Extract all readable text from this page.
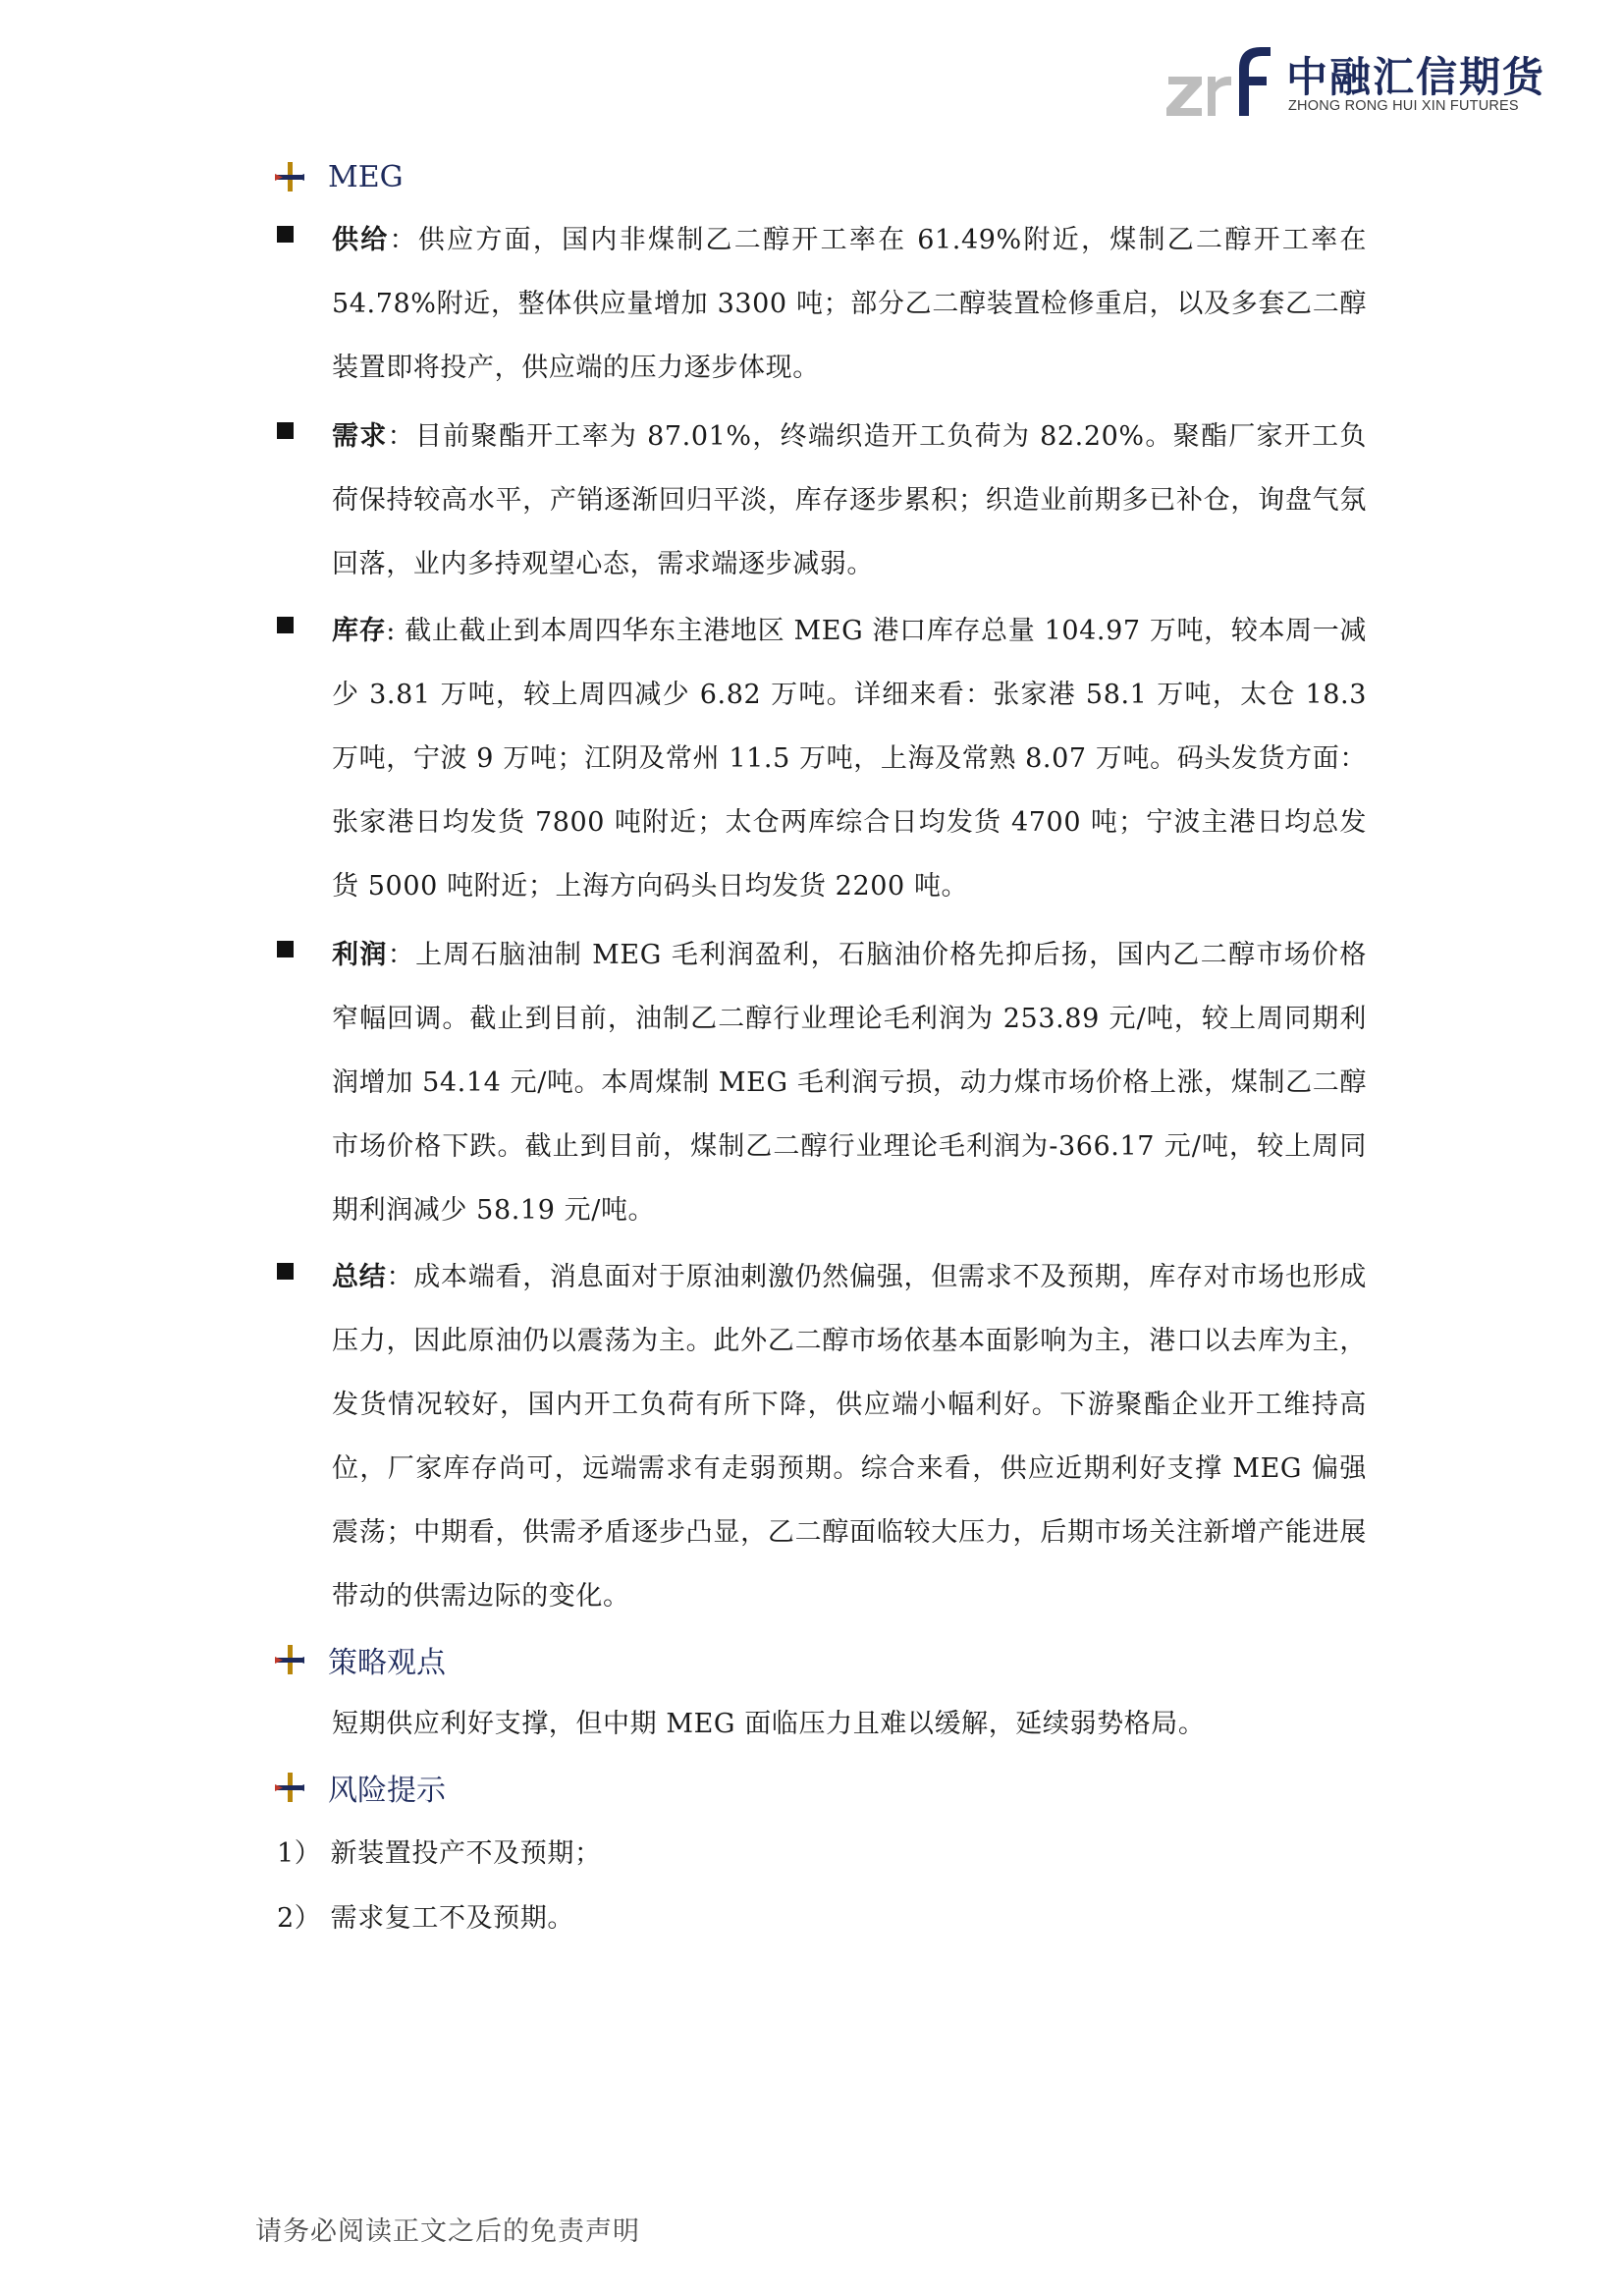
中融汇信期货
ZHONG RONG HUI XIN FUTURES
MEG
供给：供应方面，国内非煤制乙二醇开工率在 61.49%附近，煤制乙二醇开工率在 54.78%附近，整体供应量增加 3300 吨；部分乙二醇装置检修重启，以及多套乙二醇装置即将投产，供应端的压力逐步体现。
需求：目前聚酯开工率为 87.01%，终端织造开工负荷为 82.20%。聚酯厂家开工负荷保持较高水平，产销逐渐回归平淡，库存逐步累积；织造业前期多已补仓，询盘气氛回落，业内多持观望心态，需求端逐步减弱。
库存: 截止截止到本周四华东主港地区 MEG 港口库存总量 104.97 万吨，较本周一减少 3.81 万吨，较上周四减少 6.82 万吨。详细来看：张家港 58.1 万吨，太仓 18.3 万吨，宁波 9 万吨；江阴及常州 11.5 万吨，上海及常熟 8.07 万吨。码头发货方面：张家港日均发货 7800 吨附近；太仓两库综合日均发货 4700 吨；宁波主港日均总发货 5000 吨附近；上海方向码头日均发货 2200 吨。
利润：上周石脑油制 MEG 毛利润盈利，石脑油价格先抑后扬，国内乙二醇市场价格窄幅回调。截止到目前，油制乙二醇行业理论毛利润为 253.89 元/吨，较上周同期利润增加 54.14 元/吨。本周煤制 MEG 毛利润亏损，动力煤市场价格上涨，煤制乙二醇市场价格下跌。截止到目前，煤制乙二醇行业理论毛利润为-366.17 元/吨，较上周同期利润减少 58.19 元/吨。
总结：成本端看，消息面对于原油刺激仍然偏强，但需求不及预期，库存对市场也形成压力，因此原油仍以震荡为主。此外乙二醇市场依基本面影响为主，港口以去库为主，发货情况较好，国内开工负荷有所下降，供应端小幅利好。下游聚酯企业开工维持高位，厂家库存尚可，远端需求有走弱预期。综合来看，供应近期利好支撑 MEG 偏强震荡；中期看，供需矛盾逐步凸显，乙二醇面临较大压力，后期市场关注新增产能进展带动的供需边际的变化。
策略观点
短期供应利好支撑，但中期 MEG 面临压力且难以缓解，延续弱势格局。
风险提示
1） 新装置投产不及预期；
2） 需求复工不及预期。
请务必阅读正文之后的免责声明
